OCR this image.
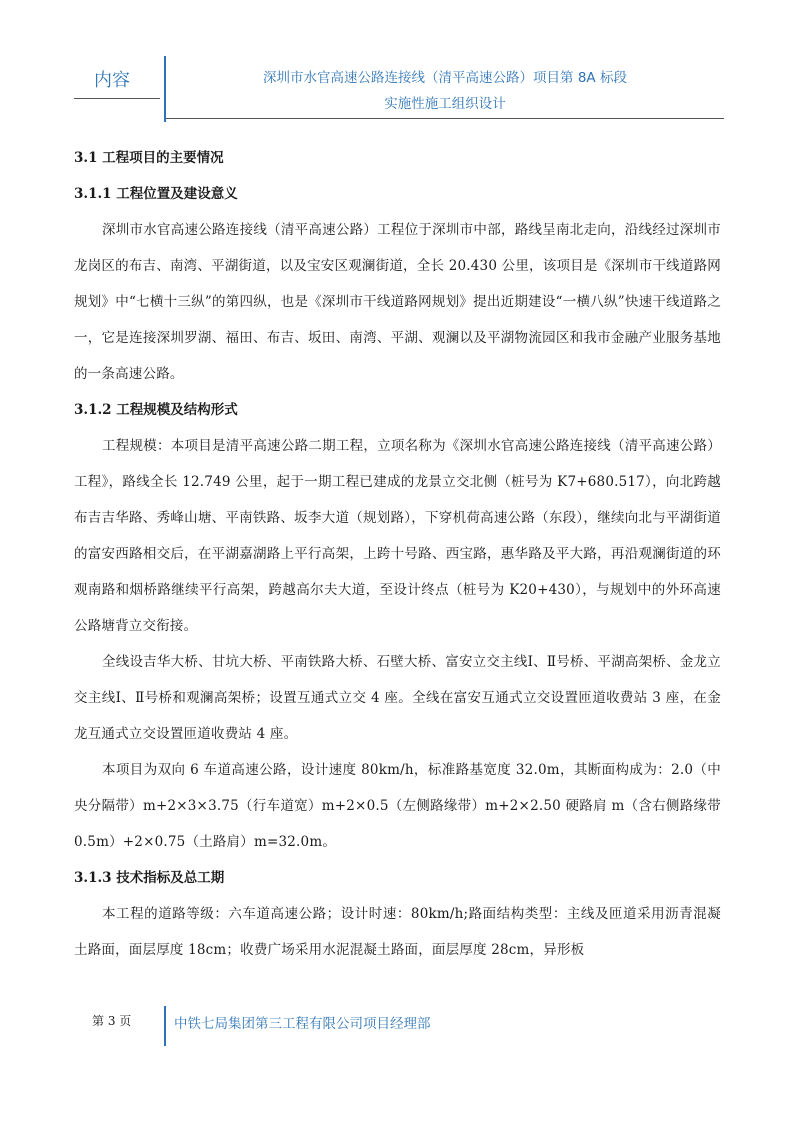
内容	深圳市水官高速公路连接线（清平高速公路）项目第 8A 标段
实施性施工组织设计
3.1 工程项目的主要情况
3.1.1 工程位置及建设意义

深圳市水官高速公路连接线（清平高速公路）工程位于深圳市中部，路线呈南北走向，沿线经过深圳市龙岗区的布吉、南湾、平湖街道，以及宝安区观澜街道，全长 20.430 公里，该项目是《深圳市干线道路网规划》中“七横十三纵”的第四纵，也是《深圳市干线道路网规划》提出近期建设“一横八纵”快速干线道路之一，它是连接深圳罗湖、福田、布吉、坂田、南湾、平湖、观澜以及平湖物流园区和我市金融产业服务基地的一条高速公路。

3.1.2 工程规模及结构形式

工程规模：本项目是清平高速公路二期工程，立项名称为《深圳水官高速公路连接线（清平高速公路）工程》，路线全长 12.749 公里，起于一期工程已建成的龙景立交北侧（桩号为 K7+680.517），向北跨越布吉吉华路、秀峰山塘、平南铁路、坂李大道（规划路），下穿机荷高速公路（东段），继续向北与平湖街道的富安西路相交后，在平湖嘉湖路上平行高架，上跨十号路、西宝路，惠华路及平大路，再沿观澜街道的环观南路和烟桥路继续平行高架，跨越高尔夫大道，至设计终点（桩号为 K20+430），与规划中的外环高速公路塘背立交衔接。

全线设吉华大桥、甘坑大桥、平南铁路大桥、石壁大桥、富安立交主线Ⅰ、Ⅱ号桥、平湖高架桥、金龙立交主线Ⅰ、Ⅱ号桥和观澜高架桥；设置互通式立交 4 座。全线在富安互通式立交设置匝道收费站 3 座，在金龙互通式立交设置匝道收费站 4 座。

本项目为双向 6 车道高速公路，设计速度 80km/h，标准路基宽度 32.0m，其断面构成为：2.0（中央分隔带）m+2×3×3.75（行车道宽）m+2×0.5（左侧路缘带）m+2×2.50 硬路肩 m（含右侧路缘带 0.5m）+2×0.75（土路肩）m=32.0m。

3.1.3 技术指标及总工期

本工程的道路等级：六车道高速公路；设计时速：80km/h;路面结构类型：主线及匝道采用沥青混凝土路面，面层厚度 18cm；收费广场采用水泥混凝土路面，面层厚度 28cm，异形板

第 3 页	中铁七局集团第三工程有限公司项目经理部
